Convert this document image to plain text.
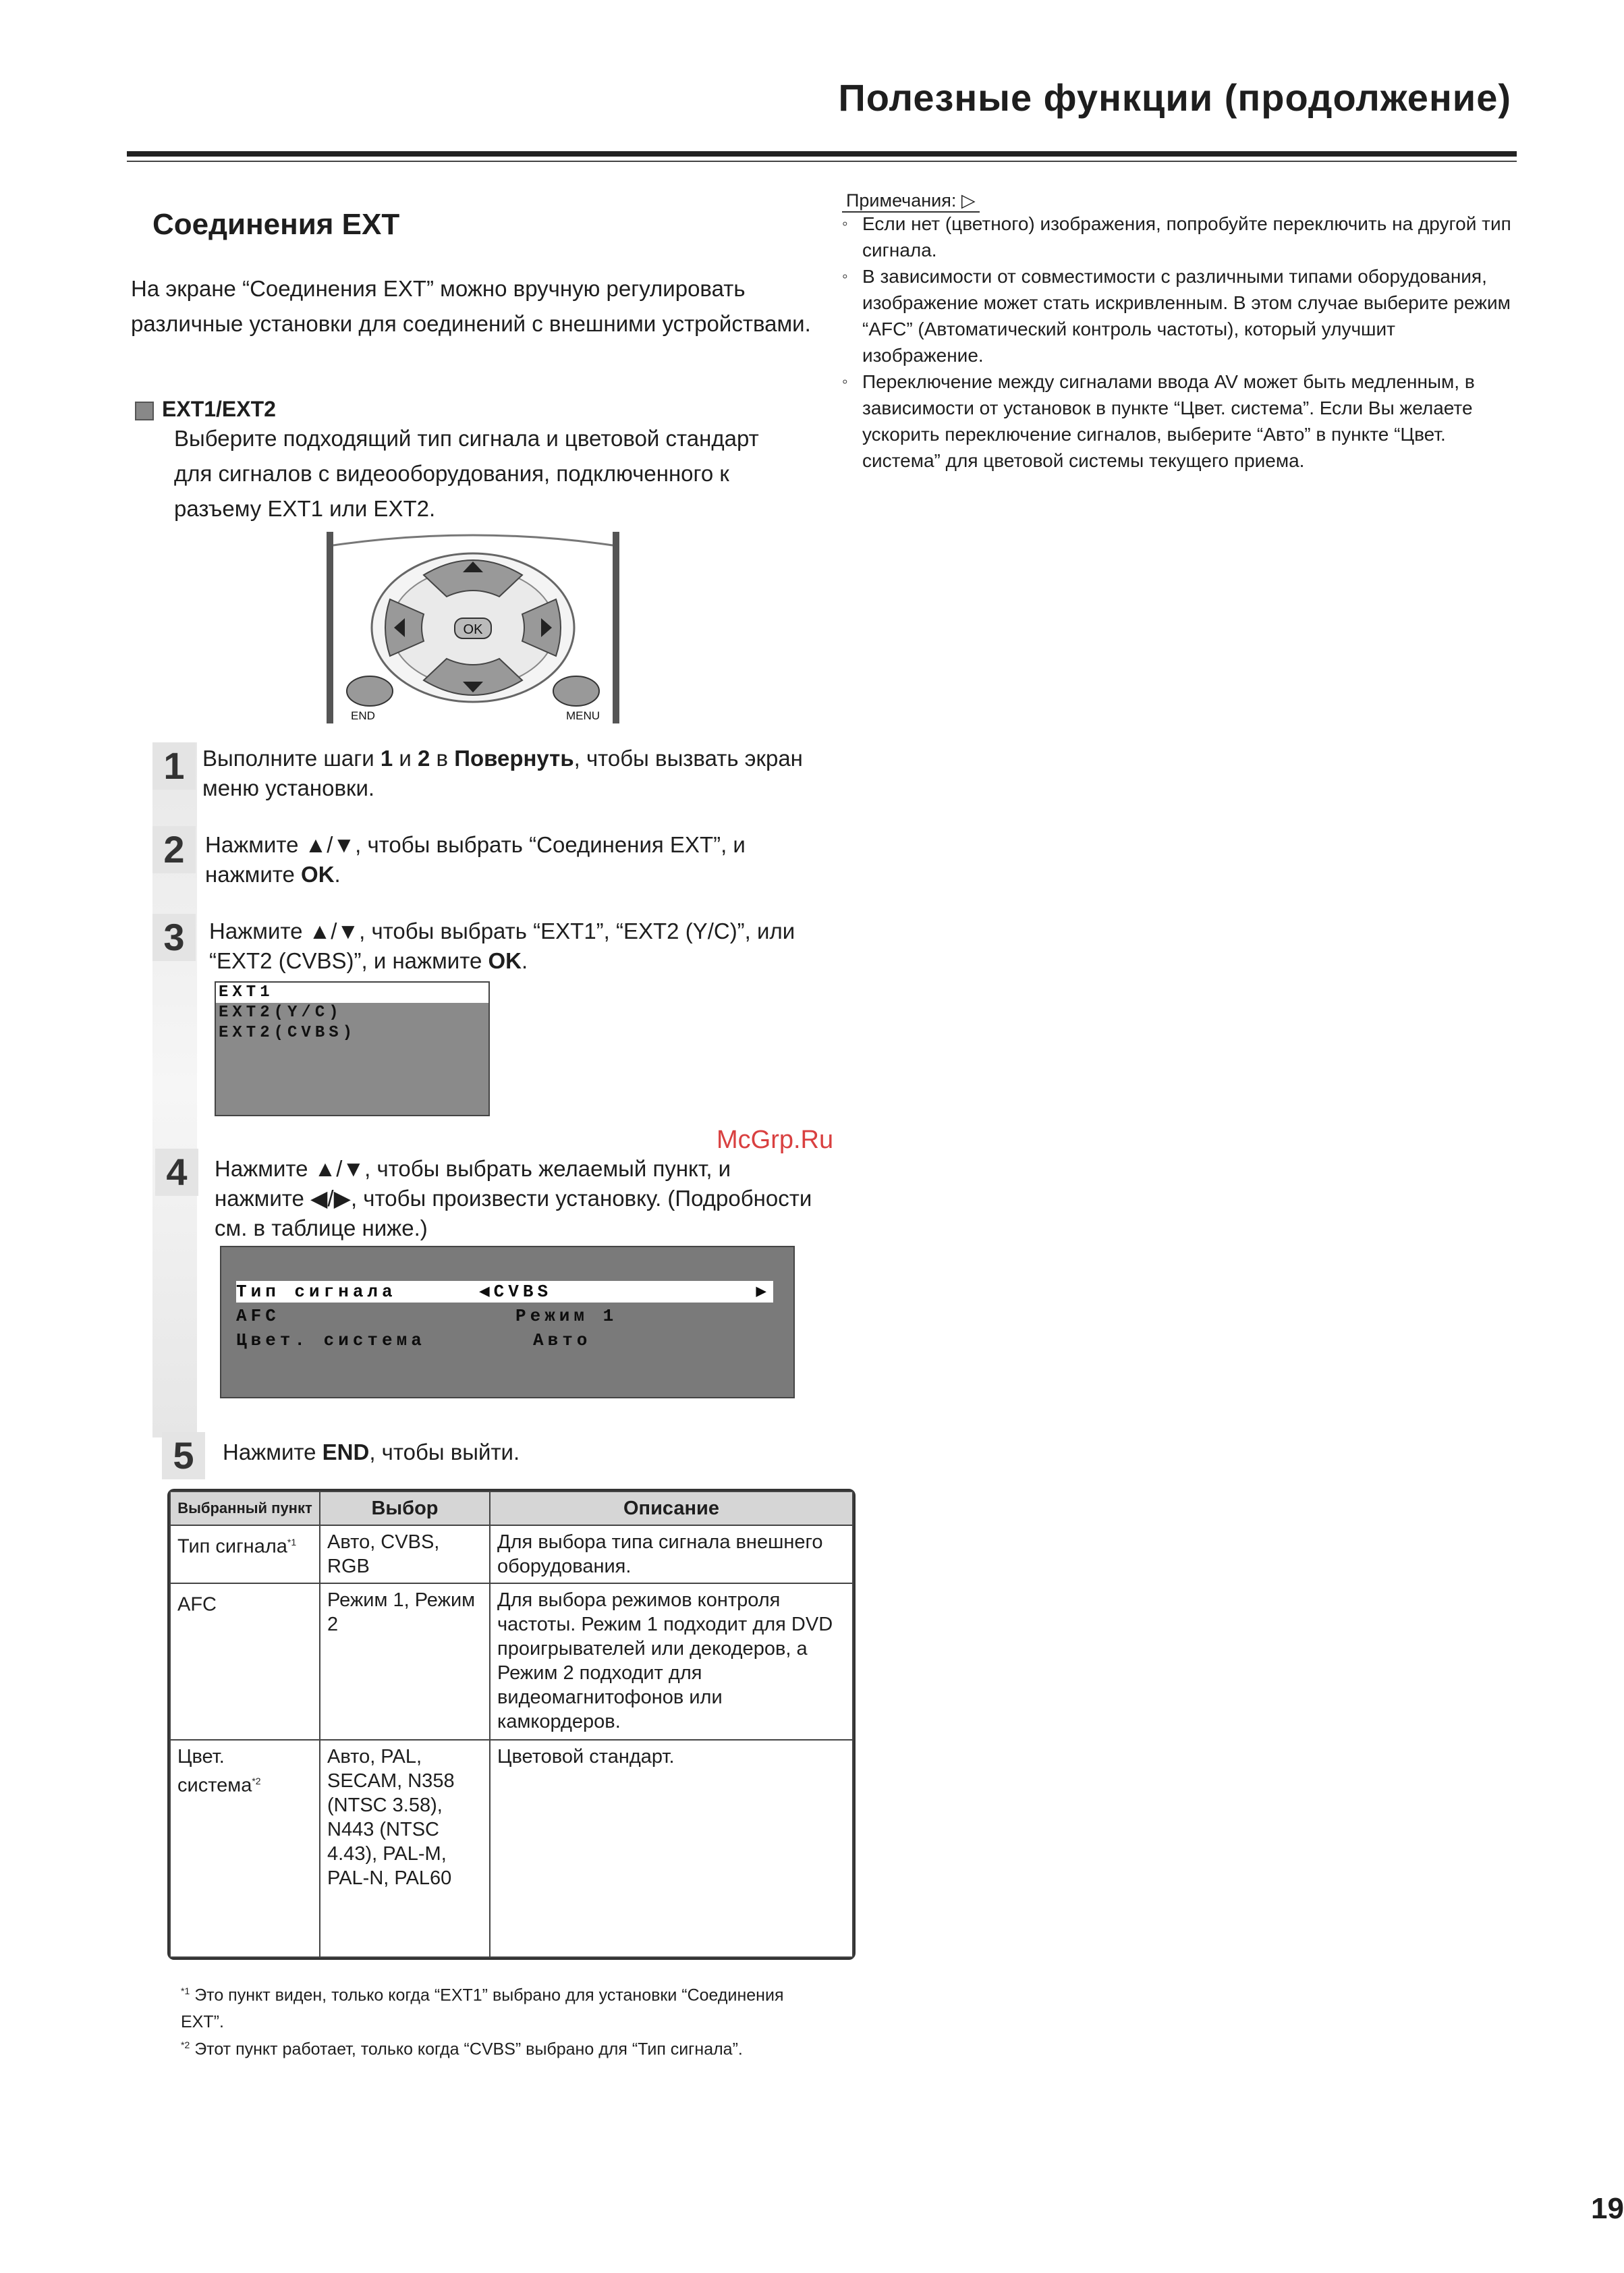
Полезные функции (продолжение)
Соединения EXT
На экране “Соединения EXT” можно вручную регулировать различные установки для соединений с внешними устройствами.
EXT1/EXT2
Выберите подходящий тип сигнала и цветовой стандарт для сигналов с видеооборудования, подключенного к разъему EXT1 или EXT2.
OK
END	MENU
1 Выполните шаги 1 и 2 в Повернуть, чтобы вызвать экран меню установки.
2 Нажмите ▲/▼, чтобы выбрать “Соединения EXT”, и нажмите OK.
3	Нажмите ▲/▼, чтобы выбрать “EXT1”, “EXT2 (Y/C)”, или “EXT2 (CVBS)”, и нажмите OK.
EXT1
EXT2(Y/C)
EXT2(CVBS)
4	Нажмите ▲/▼, чтобы выбрать желаемый пункт, и нажмите ◀/▶, чтобы произвести установку. (Подробности см. в таблице ниже.)
Тип сигнала	◀CVBS	▶
AFC	Режим 1
Цвет. система	Авто
5	Нажмите END, чтобы выйти.
Выбранный пункт	Выбор	Описание
Тип сигнала$^{*1}$	Авто, CVBS, RGB	Для выбора типа сигнала внешнего оборудования.
AFC	Режим 1, Режим 2	Для выбора режимов контроля частоты. Режим 1 подходит для DVD проигрывателей или декодеров, а Режим 2 подходит для видеомагнитофонов или камкордеров.
Цвет. система$^{*2}$	Авто, PAL, SECAM, N358 (NTSC 3.58), N443 (NTSC 4.43), PAL-M, PAL-N, PAL60	Цветовой стандарт.
$^{*1}$ Это пункт виден, только когда “EXT1” выбрано для установки “Соединения EXT”.
$^{*2}$ Этот пункт работает, только когда “CVBS” выбрано для “Тип сигнала”.
Примечания: ▷
◦ Если нет (цветного) изображения, попробуйте переключить на другой тип сигнала.
◦ В зависимости от совместимости с различными типами оборудования, изображение может стать искривленным. В этом случае выберите режим “AFC” (Автоматический контроль частоты), который улучшит изображение.
◦ Переключение между сигналами ввода AV может быть медленным, в зависимости от установок в пункте “Цвет. система”. Если Вы желаете ускорить переключение сигналов, выберите “Авто” в пункте “Цвет. система” для цветовой системы текущего приема.
McGrp.Ru
19
